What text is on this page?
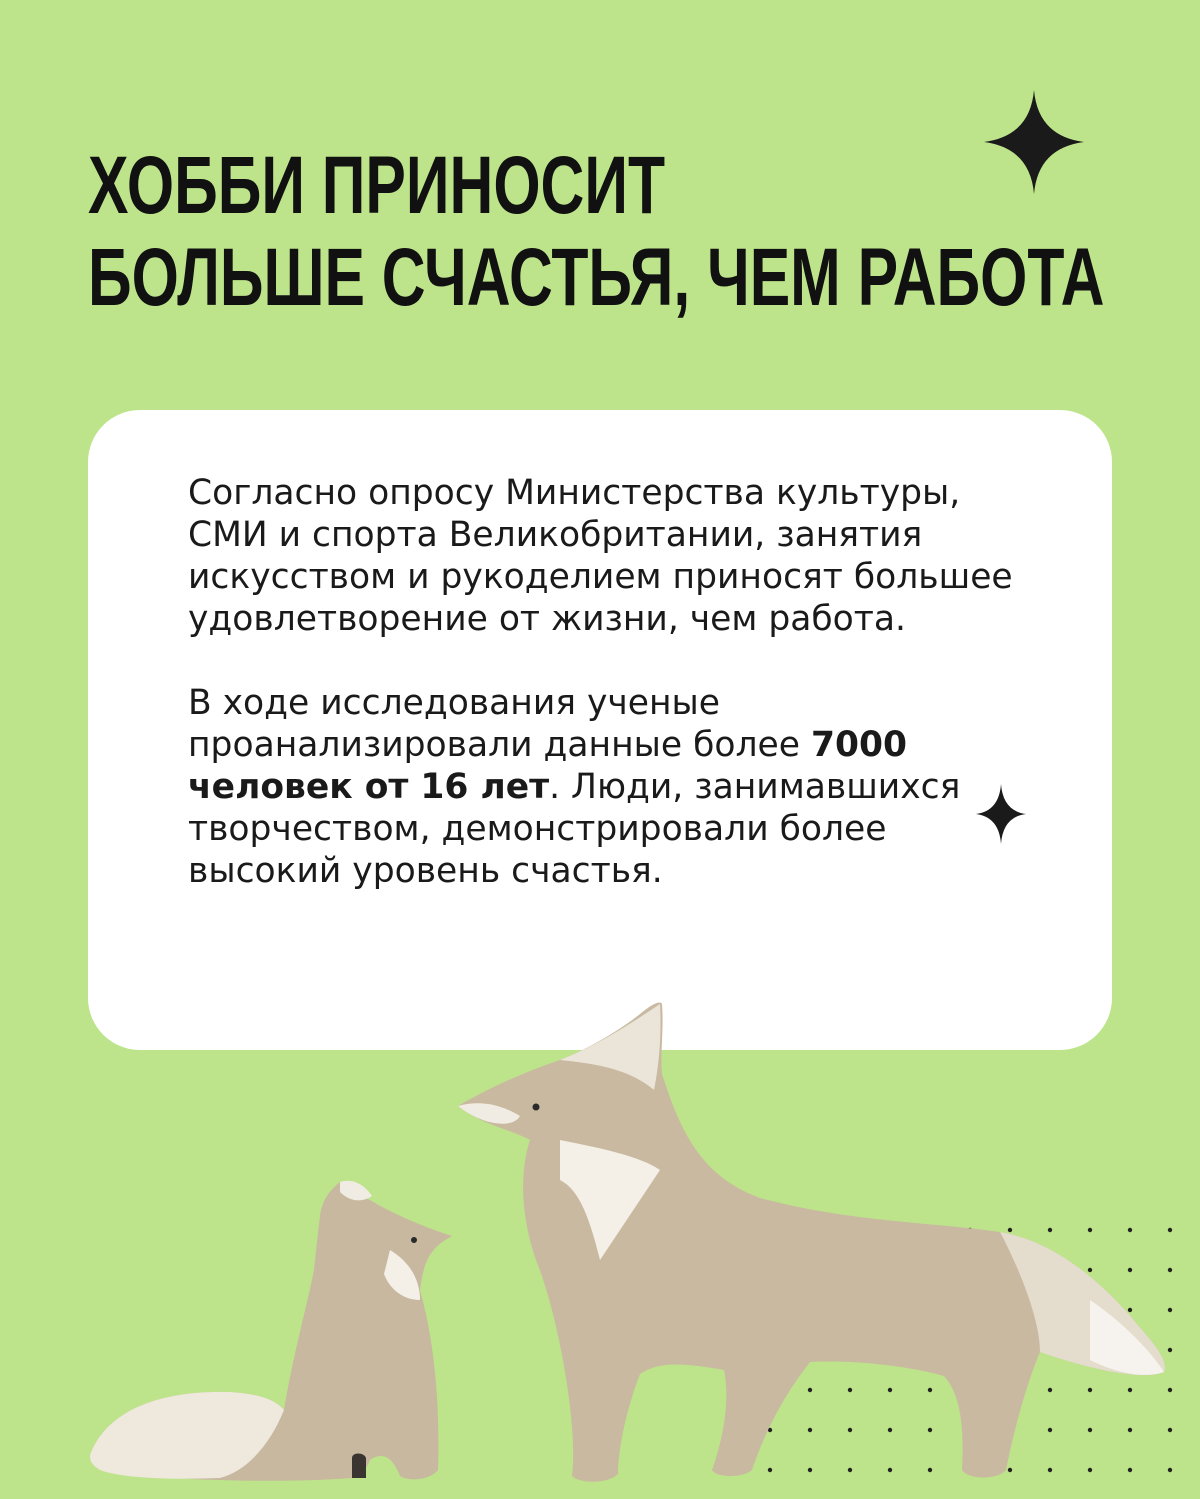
ХОББИ ПРИНОСИТ
БОЛЬШЕ СЧАСТЬЯ, ЧЕМ РАБОТА

Согласно опросу Министерства культуры, СМИ и спорта Великобритании, занятия искусством и рукоделием приносят большее удовлетворение от жизни, чем работа.

В ходе исследования ученые проанализировали данные более 7000 человек от 16 лет. Люди, занимавшихся творчеством, демонстрировали более высокий уровень счастья.
